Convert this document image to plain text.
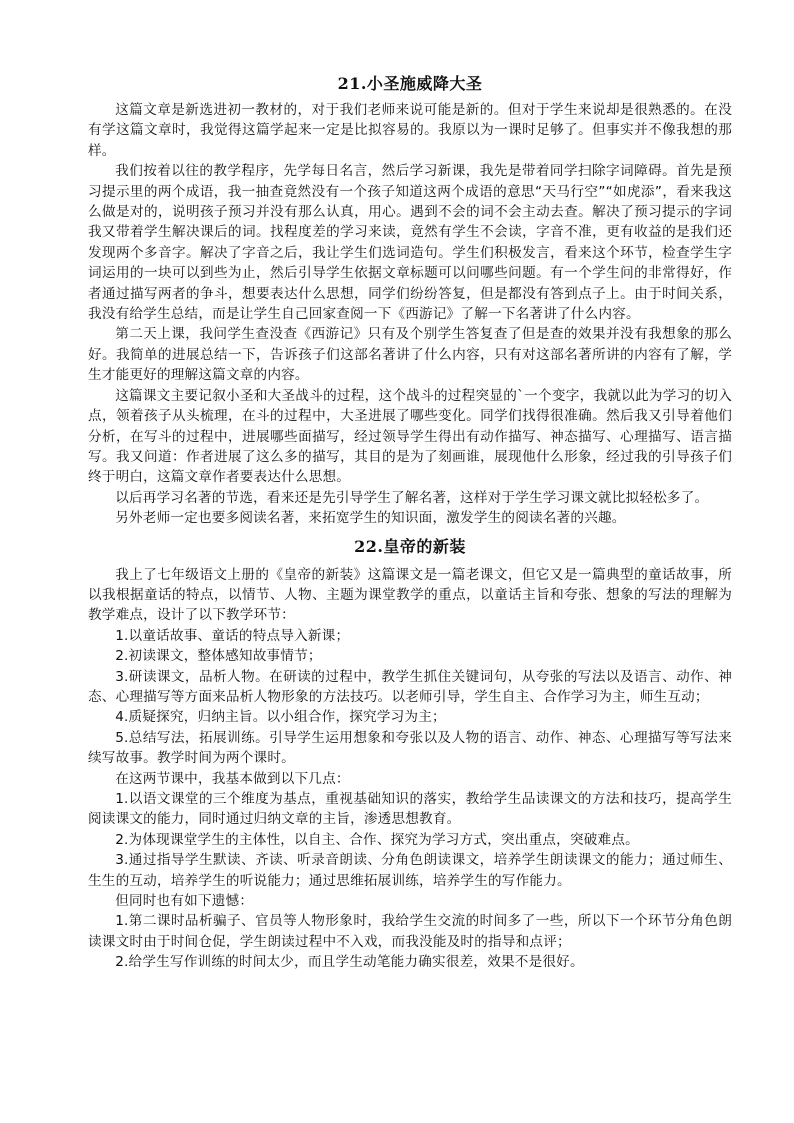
21.小圣施威降大圣

这篇文章是新选进初一教材的，对于我们老师来说可能是新的。但对于学生来说却是很熟悉的。在没有学这篇文章时，我觉得这篇学起来一定是比拟容易的。我原以为一课时足够了。但事实并不像我想的那样。

我们按着以往的教学程序，先学每日名言，然后学习新课，我先是带着同学扫除字词障碍。首先是预习提示里的两个成语，我一抽查竟然没有一个孩子知道这两个成语的意思“天马行空”“如虎添”，看来我这么做是对的，说明孩子预习并没有那么认真，用心。遇到不会的词不会主动去查。解决了预习提示的字词我又带着学生解决课后的词。找程度差的学习来读，竟然有学生不会读，字音不准，更有收益的是我们还发现两个多音字。解决了字音之后，我让学生们选词造句。学生们积极发言，看来这个环节，检查学生字词运用的一块可以到些为止，然后引导学生依据文章标题可以问哪些问题。有一个学生问的非常得好，作者通过描写两者的争斗，想要表达什么思想，同学们纷纷答复，但是都没有答到点子上。由于时间关系，我没有给学生总结，而是让学生自己回家查阅一下《西游记》了解一下名著讲了什么内容。

第二天上课，我问学生查没查《西游记》只有及个别学生答复查了但是查的效果并没有我想象的那么好。我简单的进展总结一下，告诉孩子们这部名著讲了什么内容，只有对这部名著所讲的内容有了解，学生才能更好的理解这篇文章的内容。

这篇课文主要记叙小圣和大圣战斗的过程，这个战斗的过程突显的`一个变字，我就以此为学习的切入点，领着孩子从头梳理，在斗的过程中，大圣进展了哪些变化。同学们找得很准确。然后我又引导着他们分析，在写斗的过程中，进展哪些面描写，经过领导学生得出有动作描写、神态描写、心理描写、语言描写。我又问道：作者进展了这么多的描写，其目的是为了刻画谁，展现他什么形象，经过我的引导孩子们终于明白，这篇文章作者要表达什么思想。

以后再学习名著的节选，看来还是先引导学生了解名著，这样对于学生学习课文就比拟轻松多了。

另外老师一定也要多阅读名著，来拓宽学生的知识面，激发学生的阅读名著的兴趣。

22.皇帝的新装

我上了七年级语文上册的《皇帝的新装》这篇课文是一篇老课文，但它又是一篇典型的童话故事，所以我根据童话的特点，以情节、人物、主题为课堂教学的重点，以童话主旨和夸张、想象的写法的理解为教学难点，设计了以下教学环节：

1.以童话故事、童话的特点导入新课；

2.初读课文，整体感知故事情节；

3.研读课文，品析人物。在研读的过程中，教学生抓住关键词句，从夸张的写法以及语言、动作、神态、心理描写等方面来品析人物形象的方法技巧。以老师引导，学生自主、合作学习为主，师生互动；

4.质疑探究，归纳主旨。以小组合作，探究学习为主；

5.总结写法，拓展训练。引导学生运用想象和夸张以及人物的语言、动作、神态、心理描写等写法来续写故事。教学时间为两个课时。

在这两节课中，我基本做到以下几点：

1.以语文课堂的三个维度为基点，重视基础知识的落实，教给学生品读课文的方法和技巧，提高学生阅读课文的能力，同时通过归纳文章的主旨，渗透思想教育。

2.为体现课堂学生的主体性，以自主、合作、探究为学习方式，突出重点，突破难点。

3.通过指导学生默读、齐读、听录音朗读、分角色朗读课文，培养学生朗读课文的能力；通过师生、生生的互动，培养学生的听说能力；通过思维拓展训练，培养学生的写作能力。

但同时也有如下遗憾：

1.第二课时品析骗子、官员等人物形象时，我给学生交流的时间多了一些，所以下一个环节分角色朗读课文时由于时间仓促，学生朗读过程中不入戏，而我没能及时的指导和点评；

2.给学生写作训练的时间太少，而且学生动笔能力确实很差，效果不是很好。
